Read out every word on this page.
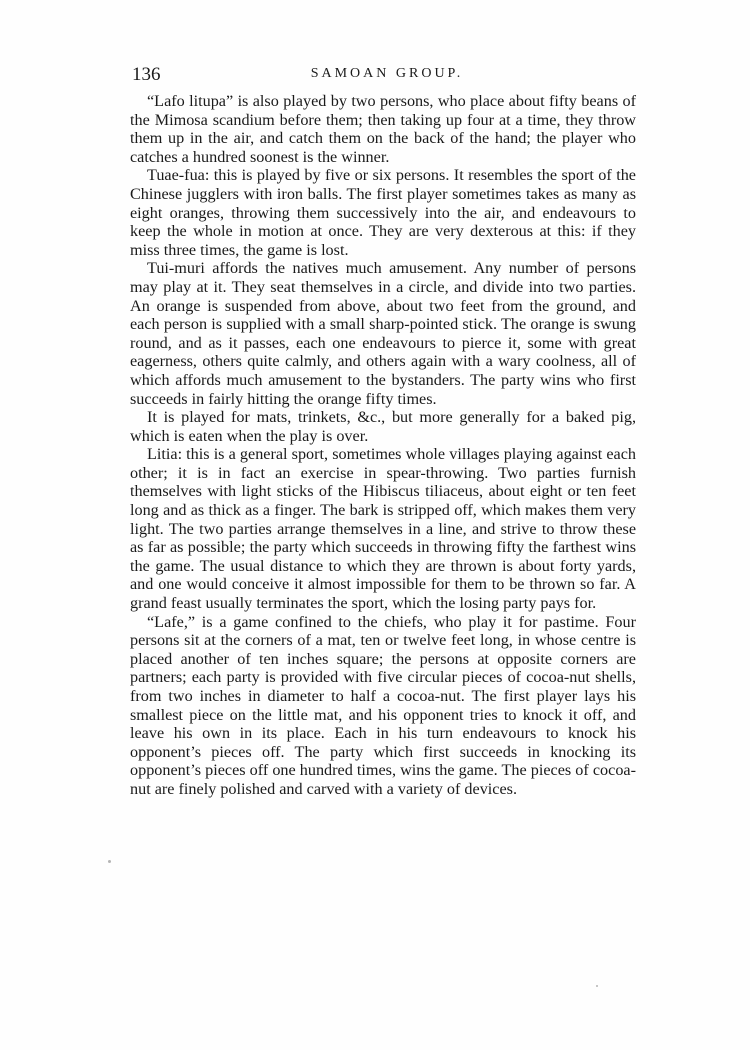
136	SAMOAN GROUP.

“Lafo litupa” is also played by two persons, who place about fifty beans of the Mimosa scandium before them; then taking up four at a time, they throw them up in the air, and catch them on the back of the hand; the player who catches a hundred soonest is the winner.

Tuae-fua: this is played by five or six persons. It resembles the sport of the Chinese jugglers with iron balls. The first player sometimes takes as many as eight oranges, throwing them successively into the air, and endeavours to keep the whole in motion at once. They are very dexterous at this: if they miss three times, the game is lost.

Tui-muri affords the natives much amusement. Any number of persons may play at it. They seat themselves in a circle, and divide into two parties. An orange is suspended from above, about two feet from the ground, and each person is supplied with a small sharp-pointed stick. The orange is swung round, and as it passes, each one endeavours to pierce it, some with great eagerness, others quite calmly, and others again with a wary coolness, all of which affords much amusement to the bystanders. The party wins who first succeeds in fairly hitting the orange fifty times.

It is played for mats, trinkets, &c., but more generally for a baked pig, which is eaten when the play is over.

Litia: this is a general sport, sometimes whole villages playing against each other; it is in fact an exercise in spear-throwing. Two parties furnish themselves with light sticks of the Hibiscus tiliaceus, about eight or ten feet long and as thick as a finger. The bark is stripped off, which makes them very light. The two parties arrange themselves in a line, and strive to throw these as far as possible; the party which succeeds in throwing fifty the farthest wins the game. The usual distance to which they are thrown is about forty yards, and one would conceive it almost impossible for them to be thrown so far. A grand feast usually terminates the sport, which the losing party pays for.

“Lafe,” is a game confined to the chiefs, who play it for pastime. Four persons sit at the corners of a mat, ten or twelve feet long, in whose centre is placed another of ten inches square; the persons at opposite corners are partners; each party is provided with five circular pieces of cocoa-nut shells, from two inches in diameter to half a cocoa-nut. The first player lays his smallest piece on the little mat, and his opponent tries to knock it off, and leave his own in its place. Each in his turn endeavours to knock his opponent’s pieces off. The party which first succeeds in knocking its opponent’s pieces off one hundred times, wins the game. The pieces of cocoa-nut are finely polished and carved with a variety of devices.
